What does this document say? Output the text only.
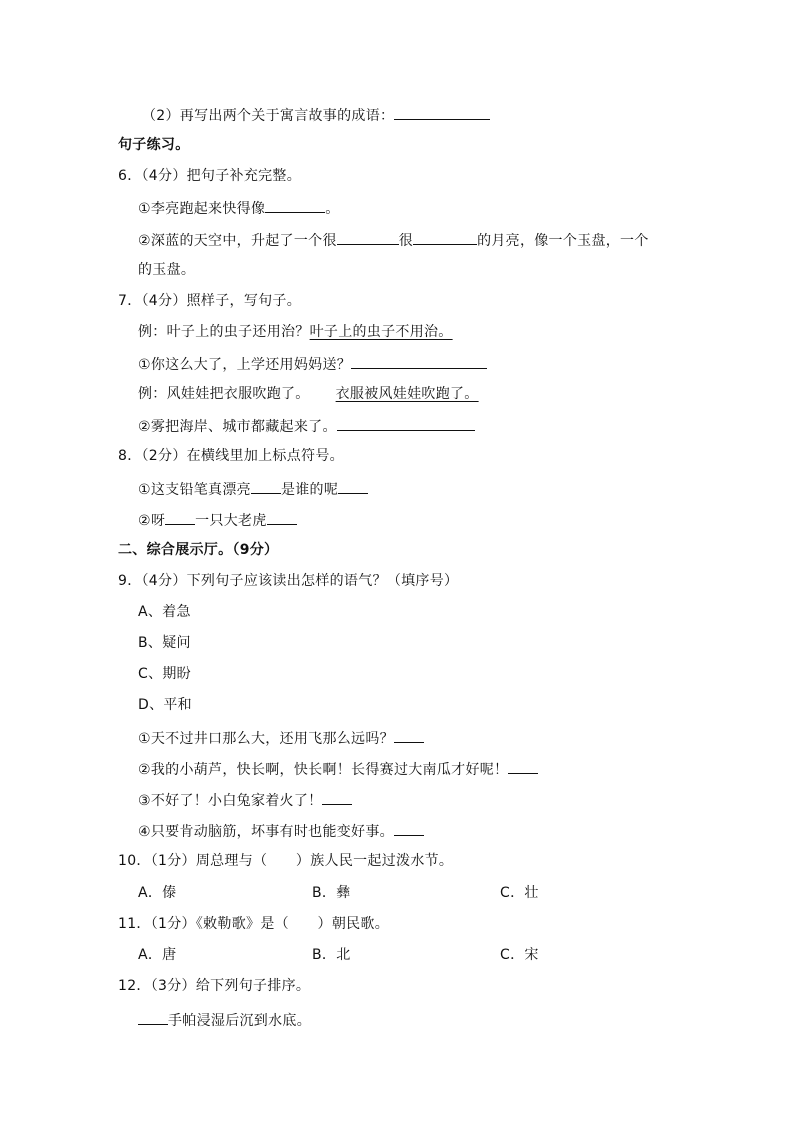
（2）再写出两个关于寓言故事的成语：
句子练习。
6．（4分）把句子补充完整。
①李亮跑起来快得像	。
②深蓝的天空中，升起了一个很	很	的月亮，像一个玉盘，一个
的玉盘。
7．（4分）照样子，写句子。
例：叶子上的虫子还用治？叶子上的虫子不用治。
①你这么大了，上学还用妈妈送？
例：风娃娃把衣服吹跑了。 衣服被风娃娃吹跑了。
②雾把海岸、城市都藏起来了。
8．（2分）在横线里加上标点符号。
①这支铅笔真漂亮 是谁的呢
②呀 一只大老虎
二、综合展示厅。（9分）
9．（4分）下列句子应该读出怎样的语气？（填序号）
A、着急
B、疑问
C、期盼
D、平和
①天不过井口那么大，还用飞那么远吗？
②我的小葫芦，快长啊，快长啊！长得赛过大南瓜才好呢！
③不好了！小白兔家着火了！
④只要肯动脑筋，坏事有时也能变好事。
10．（1分）周总理与（　　）族人民一起过泼水节。
A．傣	B．彝	C．壮
11．（1分）《敕勒歌》是（　　）朝民歌。
A．唐	B．北	C．宋
12．（3分）给下列句子排序。
手帕浸湿后沉到水底。
